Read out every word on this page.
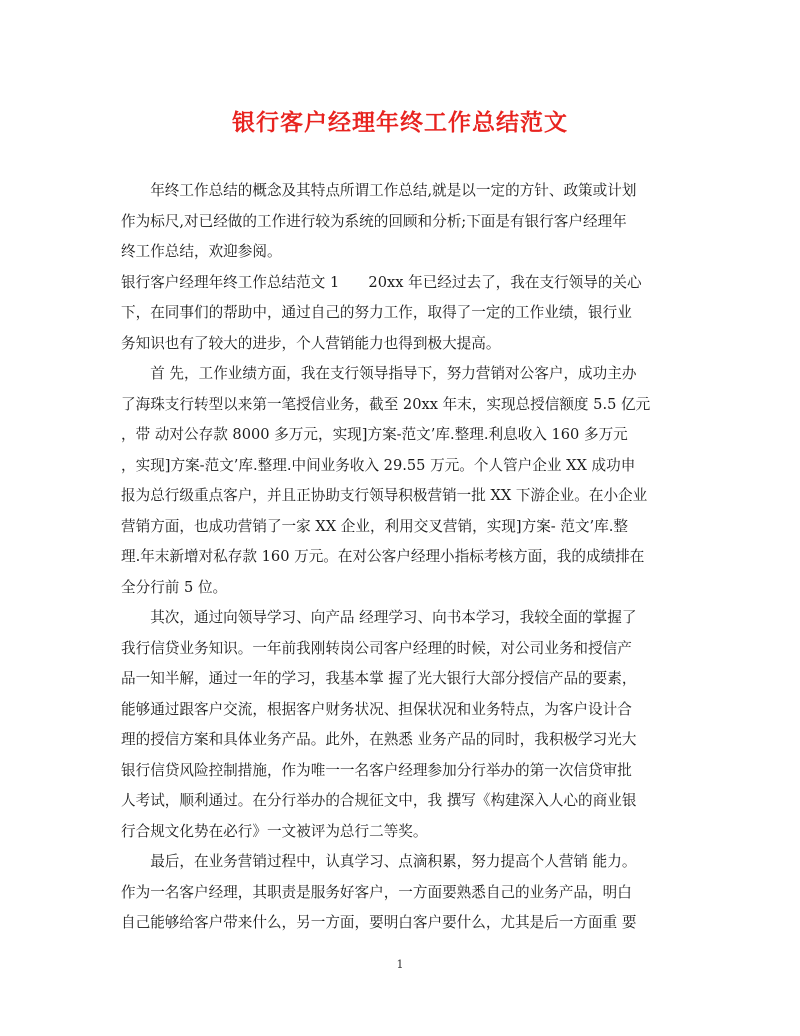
银行客户经理年终工作总结范文
　　年终工作总结的概念及其特点所谓工作总结,就是以一定的方针、政策或计划
作为标尺,对已经做的工作进行较为系统的回顾和分析;下面是有银行客户经理年
终工作总结，欢迎参阅。
银行客户经理年终工作总结范文 1　　20xx 年已经过去了，我在支行领导的关心
下，在同事们的帮助中，通过自己的努力工作，取得了一定的工作业绩，银行业
务知识也有了较大的进步，个人营销能力也得到极大提高。
　　首 先，工作业绩方面，我在支行领导指导下，努力营销对公客户，成功主办
了海珠支行转型以来第一笔授信业务，截至 20xx 年末，实现总授信额度 5.5 亿元
，带 动对公存款 8000 多万元，实现]方案-范文’库.整理.利息收入 160 多万元
，实现]方案-范文’库.整理.中间业务收入 29.55 万元。个人管户企业 XX 成功申
报为总行级重点客户，并且正协助支行领导积极营销一批 XX 下游企业。在小企业
营销方面，也成功营销了一家 XX 企业，利用交叉营销，实现]方案- 范文’库.整
理.年末新增对私存款 160 万元。在对公客户经理小指标考核方面，我的成绩排在
全分行前 5 位。
　　其次，通过向领导学习、向产品 经理学习、向书本学习，我较全面的掌握了
我行信贷业务知识。一年前我刚转岗公司客户经理的时候，对公司业务和授信产
品一知半解，通过一年的学习，我基本掌 握了光大银行大部分授信产品的要素，
能够通过跟客户交流，根据客户财务状况、担保状况和业务特点，为客户设计合
理的授信方案和具体业务产品。此外，在熟悉 业务产品的同时，我积极学习光大
银行信贷风险控制措施，作为唯一一名客户经理参加分行举办的第一次信贷审批
人考试，顺利通过。在分行举办的合规征文中，我 撰写《构建深入人心的商业银
行合规文化势在必行》一文被评为总行二等奖。
　　最后，在业务营销过程中，认真学习、点滴积累，努力提高个人营销 能力。
作为一名客户经理，其职责是服务好客户，一方面要熟悉自己的业务产品，明白
自己能够给客户带来什么，另一方面，要明白客户要什么，尤其是后一方面重 要
1
